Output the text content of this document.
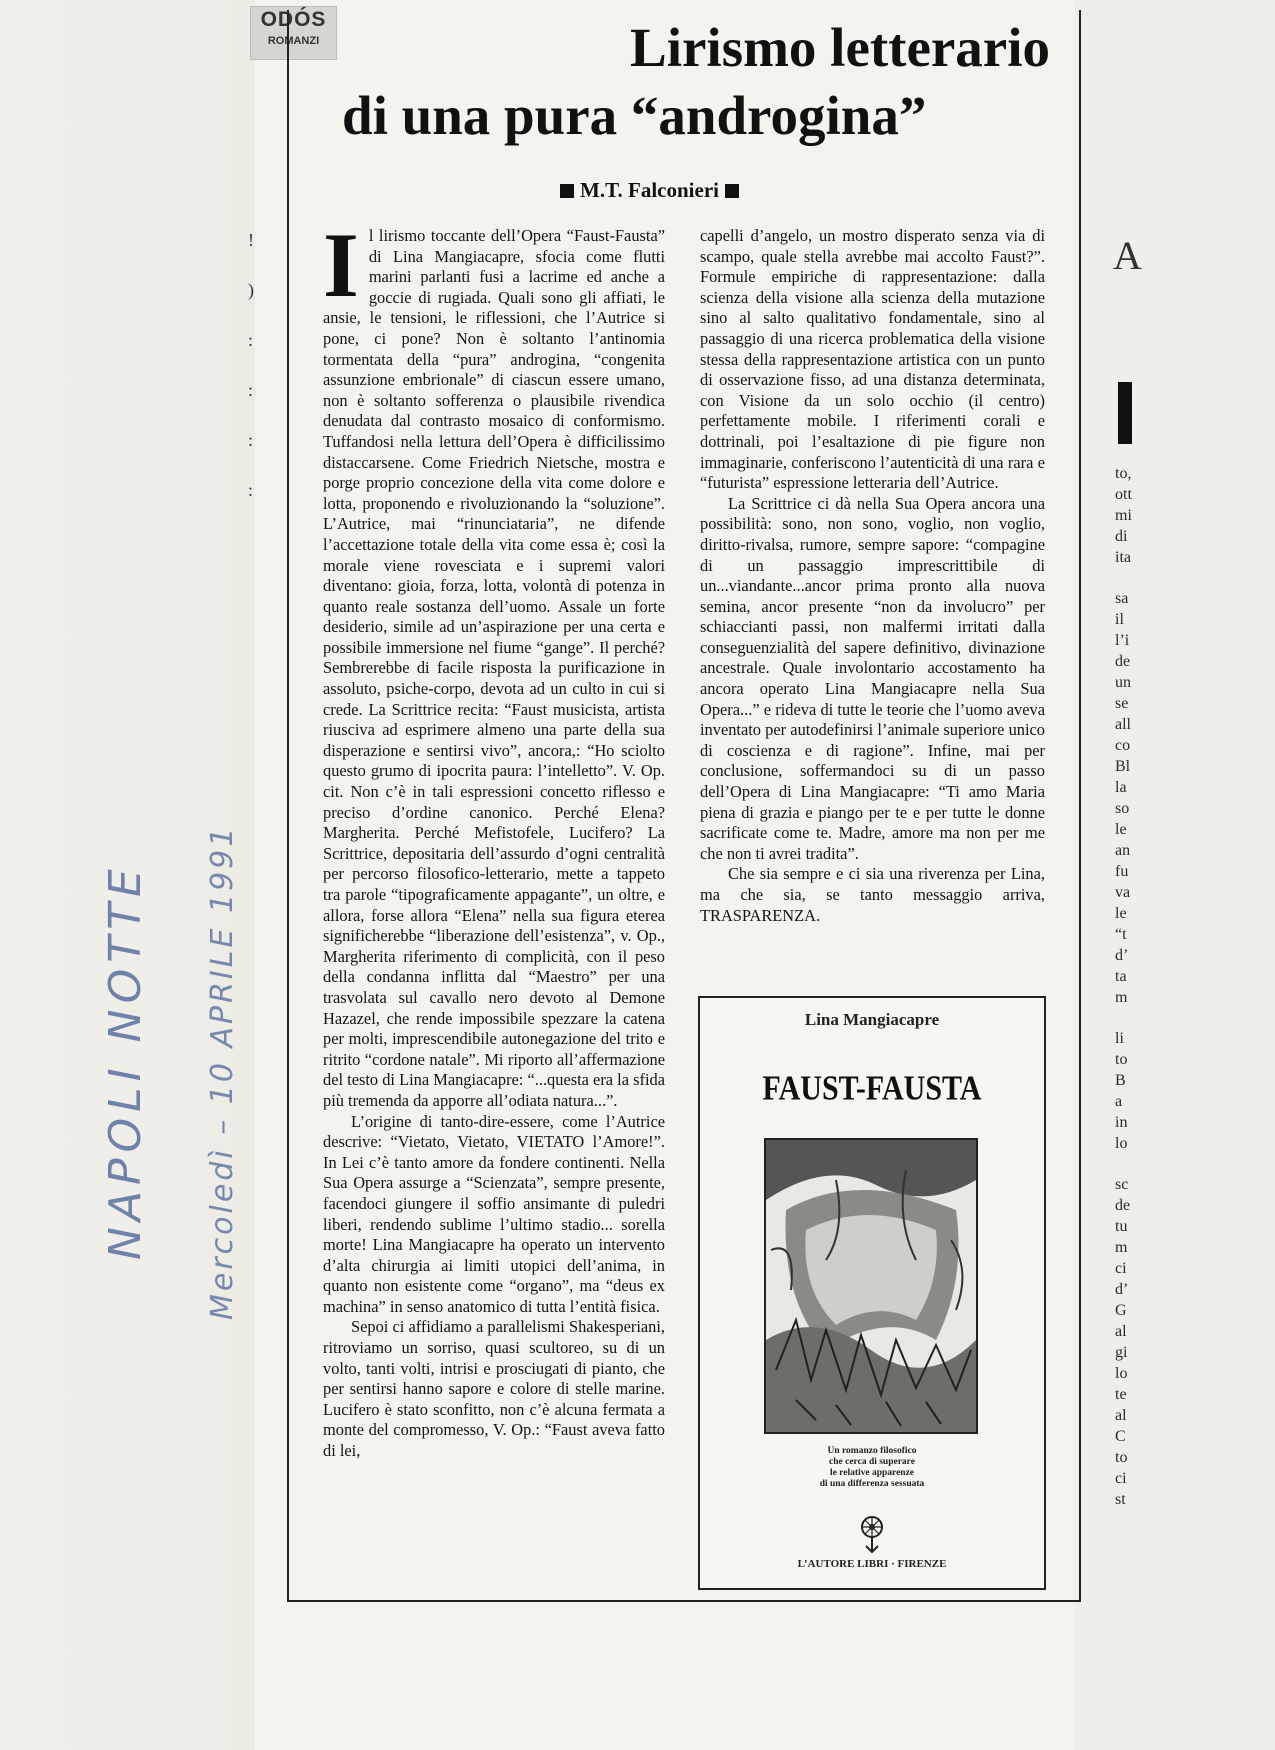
ODÓS
ROMANZI	Lirismo letterario
di una pura “androgina”
M.T. Falconieri
I l lirismo toccante dell’Opera “Faust-Fausta” di Lina Mangiacapre, sfocia come flutti marini parlanti fusi a lacrime ed anche a goccie di rugiada. Quali sono gli affiati, le ansie, le tensioni, le riflessioni, che l’Autrice si pone, ci pone? Non è soltanto l’antinomia tormentata della “pura” androgina, “congenita assunzione embrionale” di ciascun essere umano, non è soltanto sofferenza o plausibile rivendica denudata dal contrasto mosaico di conformismo. Tuffandosi nella lettura dell’Opera è difficilissimo distaccarsene. Come Friedrich Nietsche, mostra e porge proprio concezione della vita come dolore e lotta, proponendo e rivoluzionando la “soluzione”. L’Autrice, mai “rinunciataria”, ne difende l’accettazione totale della vita come essa è; così la morale viene rovesciata e i supremi valori diventano: gioia, forza, lotta, volontà di potenza in quanto reale sostanza dell’uomo. Assale un forte desiderio, simile ad un’aspirazione per una certa e possibile immersione nel fiume “gange”. Il perché? Sembrerebbe di facile risposta la purificazione in assoluto, psiche-corpo, devota ad un culto in cui si crede. La Scrittrice recita: “Faust musicista, artista riusciva ad esprimere almeno una parte della sua disperazione e sentirsi vivo”, ancora,: “Ho sciolto questo grumo di ipocrita paura: l’intelletto”. V. Op. cit. Non c’è in tali espressioni concetto riflesso e preciso d’ordine canonico. Perché Elena? Margherita. Perché Mefistofele, Lucifero? La Scrittrice, depositaria dell’assurdo d’ogni centralità per percorso filosofico-letterario, mette a tappeto tra parole “tipograficamente appagante”, un oltre, e allora, forse allora “Elena” nella sua figura eterea significherebbe “liberazione dell’esistenza”, v. Op., Margherita riferimento di complicità, con il peso della condanna inflitta dal “Maestro” per una trasvolata sul cavallo nero devoto al Demone Hazazel, che rende impossibile spezzare la catena per molti, imprescendibile autonegazione del trito e ritrito “cordone natale”. Mi riporto all’affermazione del testo di Lina Mangiacapre: “...questa era la sfida più tremenda da apporre all’odiata natura...”.

L’origine di tanto-dire-essere, come l’Autrice descrive: “Vietato, Vietato, VIETATO l’Amore!”. In Lei c’è tanto amore da fondere continenti. Nella Sua Opera assurge a “Scienzata”, sempre presente, facendoci giungere il soffio ansimante di puledri liberi, rendendo sublime l’ultimo stadio... sorella morte! Lina Mangiacapre ha operato un intervento d’alta chirurgia ai limiti utopici dell’anima, in quanto non esistente come “organo”, ma “deus ex machina” in senso anatomico di tutta l’entità fisica.

Sepoi ci affidiamo a parallelismi Shakesperiani, ritroviamo un sorriso, quasi scultoreo, su di un volto, tanti volti, intrisi e prosciugati di pianto, che per sentirsi hanno sapore e colore di stelle marine. Lucifero è stato sconfitto, non c’è alcuna fermata a monte del compromesso, V. Op.: “Faust aveva fatto di lei,

capelli d’angelo, un mostro disperato senza via di scampo, quale stella avrebbe mai accolto Faust?”. Formule empiriche di rappresentazione: dalla scienza della visione alla scienza della mutazione sino al salto qualitativo fondamentale, sino al passaggio di una ricerca problematica della visione stessa della rappresentazione artistica con un punto di osservazione fisso, ad una distanza determinata, con Visione da un solo occhio (il centro) perfettamente mobile. I riferimenti corali e dottrinali, poi l’esaltazione di pie figure non immaginarie, conferiscono l’autenticità di una rara e “futurista” espressione letteraria dell’Autrice.

La Scrittrice ci dà nella Sua Opera ancora una possibilità: sono, non sono, voglio, non voglio, diritto-rivalsa, rumore, sempre sapore: “compagine di un passaggio imprescrittibile di un...viandante...ancor prima pronto alla nuova semina, ancor presente “non da involucro” per schiaccianti passi, non malfermi irritati dalla conseguenzialità del sapere definitivo, divinazione ancestrale. Quale involontario accostamento ha ancora operato Lina Mangiacapre nella Sua Opera...” e rideva di tutte le teorie che l’uomo aveva inventato per autodefinirsi l’animale superiore unico di coscienza e di ragione”. Infine, mai per conclusione, soffermandoci su di un passo dell’Opera di Lina Mangiacapre: “Ti amo Maria piena di grazia e piango per te e per tutte le donne sacrificate come te. Madre, amore ma non per me che non ti avrei tradita”.

Che sia sempre e ci sia una riverenza per Lina, ma che sia, se tanto messaggio arriva, TRASPARENZA.

Lina Mangiacapre
FAUST-FAUSTA
Un romanzo filosofico
che cerca di superare
le relative apparenze
di una differenza sessuata
L’AUTORE LIBRI · FIRENZE
NAPOLI NOTTE Mercoledì – 10 APRILE 1991
!
)
:
:
:
:
A
to,
ott
mi
di
ita
sa
il
l’i
de
un
se
all
co
Bl
la
so
le
an
fu
va
le
“t
d’
ta
m
li
to
B
a
in
lo
sc
de
tu
m
ci
d’
G
al
gi
lo
te
al
C
to
ci
st
